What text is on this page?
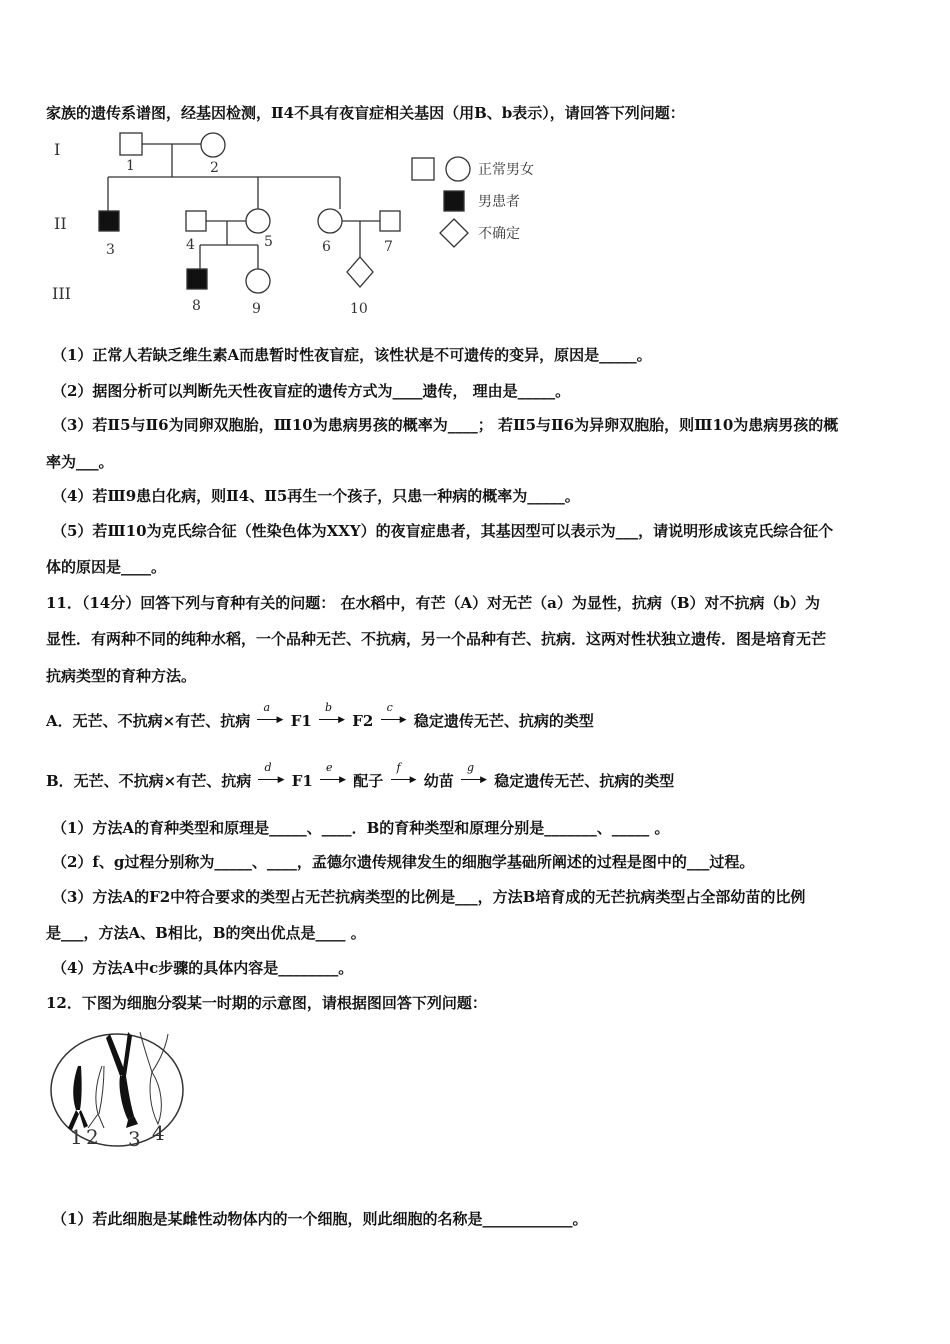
家族的遗传系谱图，经基因检测，Ⅱ4不具有夜盲症相关基因（用B、b表示），请回答下列问题：
I
II
III
1	2
3	4	5	6	7
8	9	10
正常男女
男患者
不确定
（1）正常人若缺乏维生素A而患暂时性夜盲症，该性状是不可遗传的变异，原因是_____。
（2）据图分析可以判断先天性夜盲症的遗传方式为____遗传， 理由是_____。
（3）若Ⅱ5与Ⅱ6为同卵双胞胎，Ⅲ10为患病男孩的概率为____； 若Ⅱ5与Ⅱ6为异卵双胞胎，则Ⅲ10为患病男孩的概
率为___。
（4）若Ⅲ9患白化病，则Ⅱ4、Ⅱ5再生一个孩子，只患一种病的概率为_____。
（5）若Ⅲ10为克氏综合征（性染色体为XXY）的夜盲症患者，其基因型可以表示为___，请说明形成该克氏综合征个
体的原因是____。
11．（14分）回答下列与育种有关的问题： 在水稻中，有芒（A）对无芒（a）为显性，抗病（B）对不抗病（b）为
显性．有两种不同的纯种水稻，一个品种无芒、不抗病，另一个品种有芒、抗病．这两对性状独立遗传．图是培育无芒
抗病类型的育种方法。
A．无芒、不抗病×有芒、抗病
a
▶ F1
b
▶ F2
c
▶ 稳定遗传无芒、抗病的类型
B．无芒、不抗病×有芒、抗病
d
▶ F1
e
▶ 配子
f
▶ 幼苗
g
▶ 稳定遗传无芒、抗病的类型
（1）方法A的育种类型和原理是_____、____．B的育种类型和原理分别是_______、_____ 。
（2）f、g过程分别称为_____、____，孟德尔遗传规律发生的细胞学基础所阐述的过程是图中的___过程。
（3）方法A的F2中符合要求的类型占无芒抗病类型的比例是___，方法B培育成的无芒抗病类型占全部幼苗的比例
是___，方法A、B相比，B的突出优点是____ 。
（4）方法A中c步骤的具体内容是________。
12．下图为细胞分裂某一时期的示意图，请根据图回答下列问题：
1 2 3 4
（1）若此细胞是某雌性动物体内的一个细胞，则此细胞的名称是____________。
